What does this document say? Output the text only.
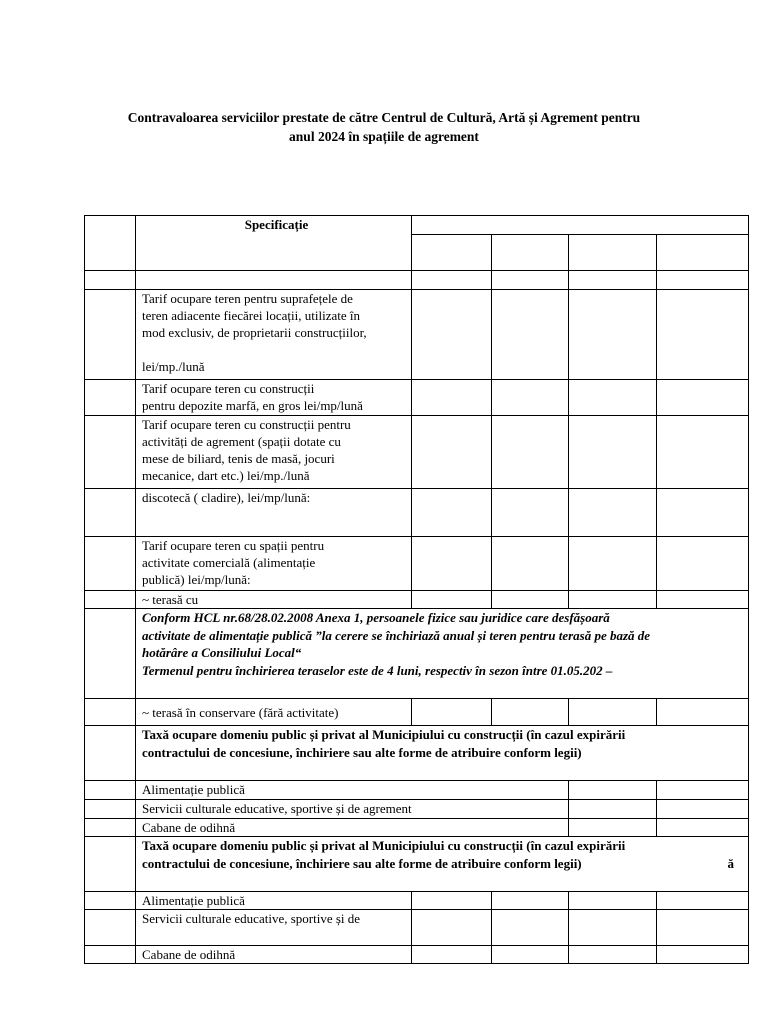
Contravaloarea serviciilor prestate de către Centrul de Cultură, Artă și Agrement pentru
anul 2024 în spațiile de agrement
	Specificație				

	Tarif ocupare teren pentru suprafețele de
teren adiacente fiecărei locații, utilizate în
mod exclusiv, de proprietarii construcțiilor,
lei/mp./lună				

	Tarif ocupare teren cu construcții
pentru depozite marfă, en gros lei/mp/lună				

	Tarif ocupare teren cu construcții pentru
activități de agrement (spații dotate cu
mese de biliard, tenis de masă, jocuri
mecanice, dart etc.) lei/mp./lună				

	discotecă ( cladire), lei/mp/lună:				

	Tarif ocupare teren cu spații pentru
activitate comercială (alimentație
publică) lei/mp/lună:				

	~ terasă cu				

	Conform HCL nr.68/28.02.2008 Anexa 1, persoanele fizice sau juridice care desfășoară
activitate de alimentație publică ”la cerere se închiriază anual și teren pentru terasă pe bază de
hotărâre a Consiliului Local“
Termenul pentru închirierea teraselor este de 4 luni, respectiv în sezon între 01.05.202 –				

	~ terasă în conservare (fără activitate)				

	Taxă ocupare domeniu public și privat al Municipiului cu construcții (în cazul expirării
contractului de concesiune, închiriere sau alte forme de atribuire conform legii)				

	Alimentație publică				
	Servicii culturale educative, sportive și de agrement				
	Cabane de odihnă				

	Taxă ocupare domeniu public și privat al Municipiului cu construcții (în cazul expirării
contractului de concesiune, închiriere sau alte forme de atribuire conform legii) ă				

	Alimentație publică				
	Servicii culturale educative, sportive și de				
	Cabane de odihnă				
